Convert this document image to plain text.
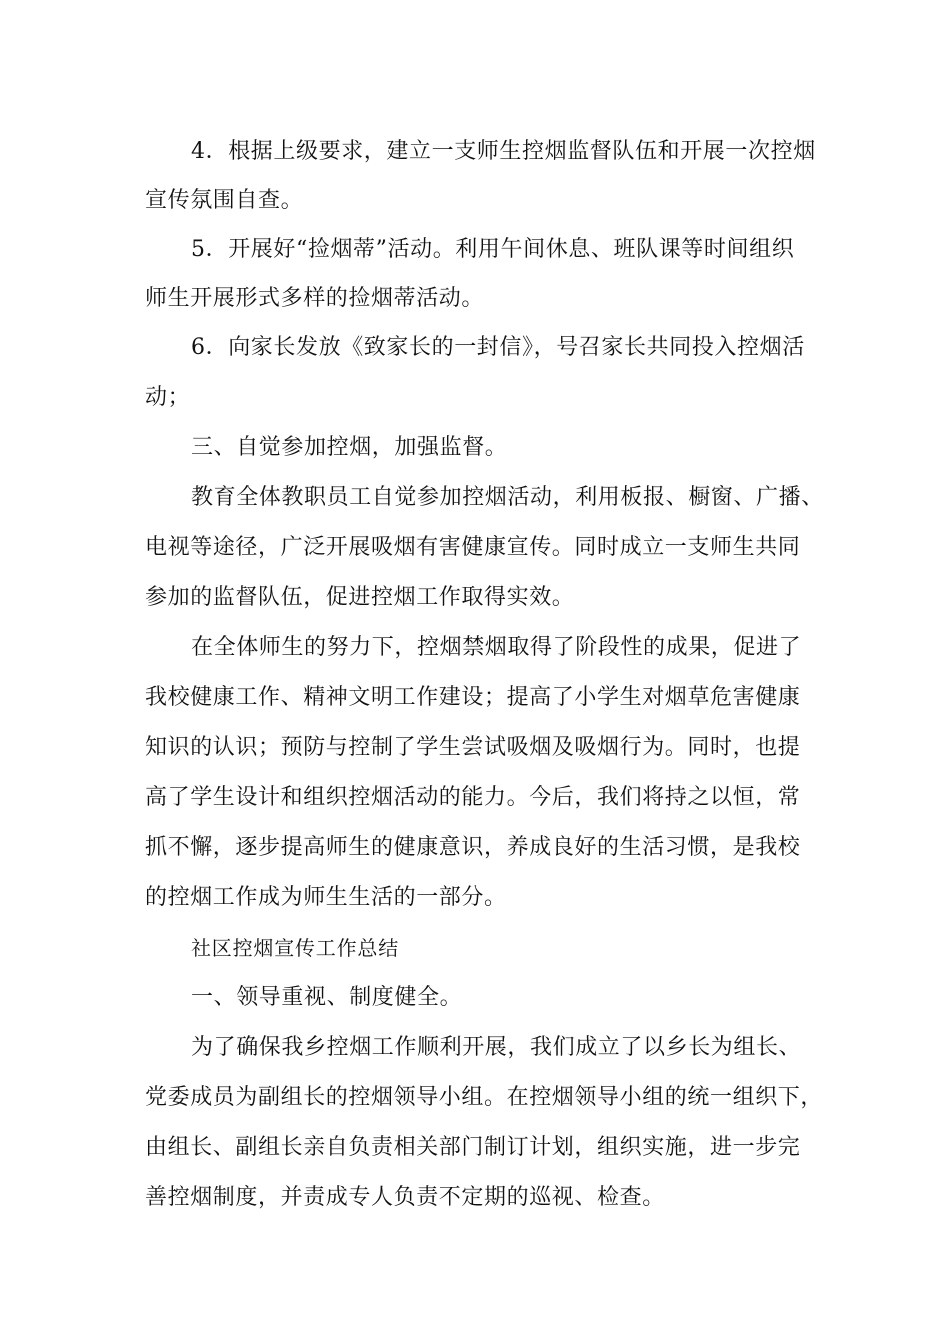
4．根据上级要求，建立一支师生控烟监督队伍和开展一次控烟
宣传氛围自查。
5．开展好“捡烟蒂”活动。利用午间休息、班队课等时间组织
师生开展形式多样的捡烟蒂活动。
6．向家长发放《致家长的一封信》，号召家长共同投入控烟活
动；
三、自觉参加控烟，加强监督。
教育全体教职员工自觉参加控烟活动，利用板报、橱窗、广播、
电视等途径，广泛开展吸烟有害健康宣传。同时成立一支师生共同
参加的监督队伍，促进控烟工作取得实效。
在全体师生的努力下，控烟禁烟取得了阶段性的成果，促进了
我校健康工作、精神文明工作建设；提高了小学生对烟草危害健康
知识的认识；预防与控制了学生尝试吸烟及吸烟行为。同时，也提
高了学生设计和组织控烟活动的能力。今后，我们将持之以恒，常
抓不懈，逐步提高师生的健康意识，养成良好的生活习惯，是我校
的控烟工作成为师生生活的一部分。
社区控烟宣传工作总结
一、领导重视、制度健全。
为了确保我乡控烟工作顺利开展，我们成立了以乡长为组长、
党委成员为副组长的控烟领导小组。在控烟领导小组的统一组织下，
由组长、副组长亲自负责相关部门制订计划，组织实施，进一步完
善控烟制度，并责成专人负责不定期的巡视、检查。
